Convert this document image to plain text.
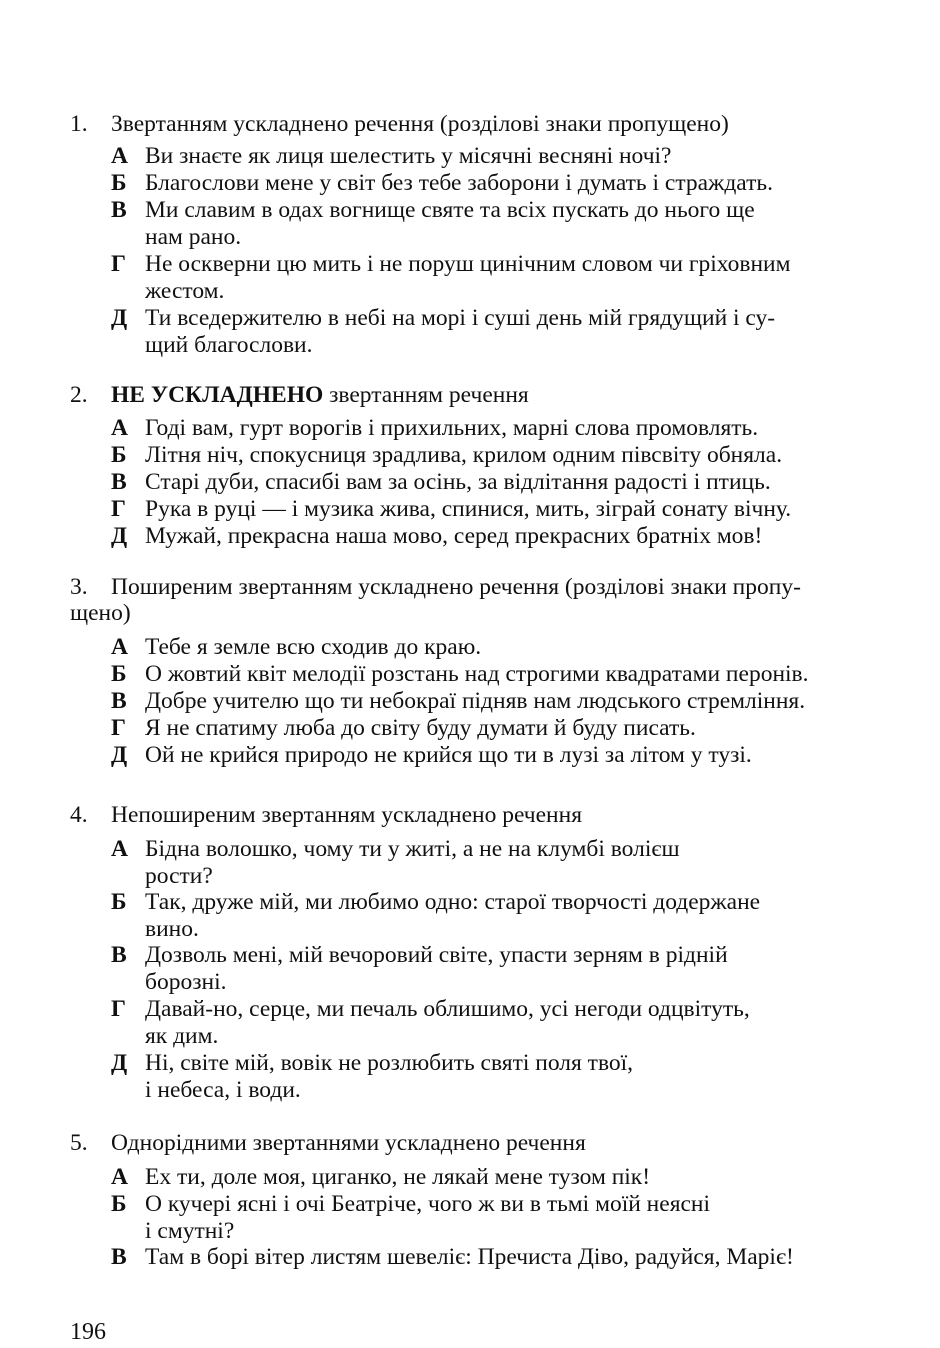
1. Звертанням ускладнено речення (розділові знаки пропущено)
А Ви знаєте як лиця шелестить у місячні весняні ночі?
Б Благослови мене у світ без тебе заборони і думать і страждать.
В Ми славим в одах вогнище святе та всіх пускать до нього ще
нам рано.
Г Не оскверни цю мить і не поруш цинічним словом чи гріховним
жестом.
Д Ти вседержителю в небі на морі і суші день мій грядущий і су-
щий благослови.
2. НЕ УСКЛАДНЕНО звертанням речення
А Годі вам, гурт ворогів і прихильних, марні слова промовлять.
Б Літня ніч, спокусниця зрадлива, крилом одним півсвіту обняла.
В Старі дуби, спасибі вам за осінь, за відлітання радості і птиць.
Г Рука в руці — і музика жива, спинися, мить, зіграй сонату вічну.
Д Мужай, прекрасна наша мово, серед прекрасних братніх мов!
3. Поширеним звертанням ускладнено речення (розділові знаки пропу-
щено)
А Тебе я земле всю сходив до краю.
Б О жовтий квіт мелодії розстань над строгими квадратами перонів.
В Добре учителю що ти небокраї підняв нам людського стремління.
Г Я не спатиму люба до світу буду думати й буду писать.
Д Ой не крийся природо не крийся що ти в лузі за літом у тузі.
4. Непоширеним звертанням ускладнено речення
А Бідна волошко, чому ти у житі, а не на клумбі волієш
рости?
Б Так, друже мій, ми любимо одно: старої творчості додержане
вино.
В Дозволь мені, мій вечоровий світе, упасти зерням в рідній
борозні.
Г Давай-но, серце, ми печаль облишимо, усі негоди одцвітуть,
як дим.
Д Ні, світе мій, вовік не розлюбить святі поля твої,
і небеса, і води.
5. Однорідними звертаннями ускладнено речення
А Ех ти, доле моя, циганко, не лякай мене тузом пік!
Б О кучері ясні і очі Беатріче, чого ж ви в тьмі моїй неясні
і смутні?
В Там в борі вітер листям шевеліє: Пречиста Діво, радуйся, Маріє!
196
